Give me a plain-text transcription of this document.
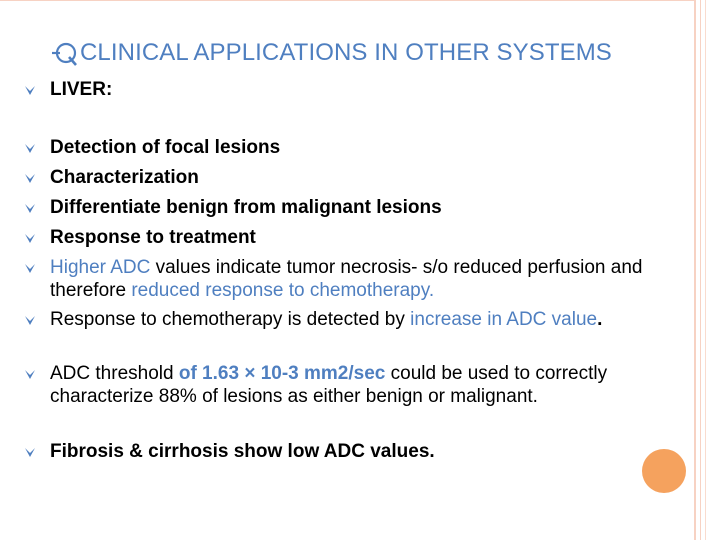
CLINICAL APPLICATIONS IN OTHER SYSTEMS
LIVER:
Detection of focal lesions
Characterization
Differentiate benign from malignant lesions
Response to treatment
Higher ADC values indicate tumor necrosis- s/o reduced perfusion and therefore reduced response to chemotherapy.
Response to chemotherapy is detected by increase in ADC value.
ADC threshold of 1.63 × 10-3 mm2/sec could be used to correctly characterize 88% of lesions as either benign or malignant.
Fibrosis & cirrhosis show low ADC values.
